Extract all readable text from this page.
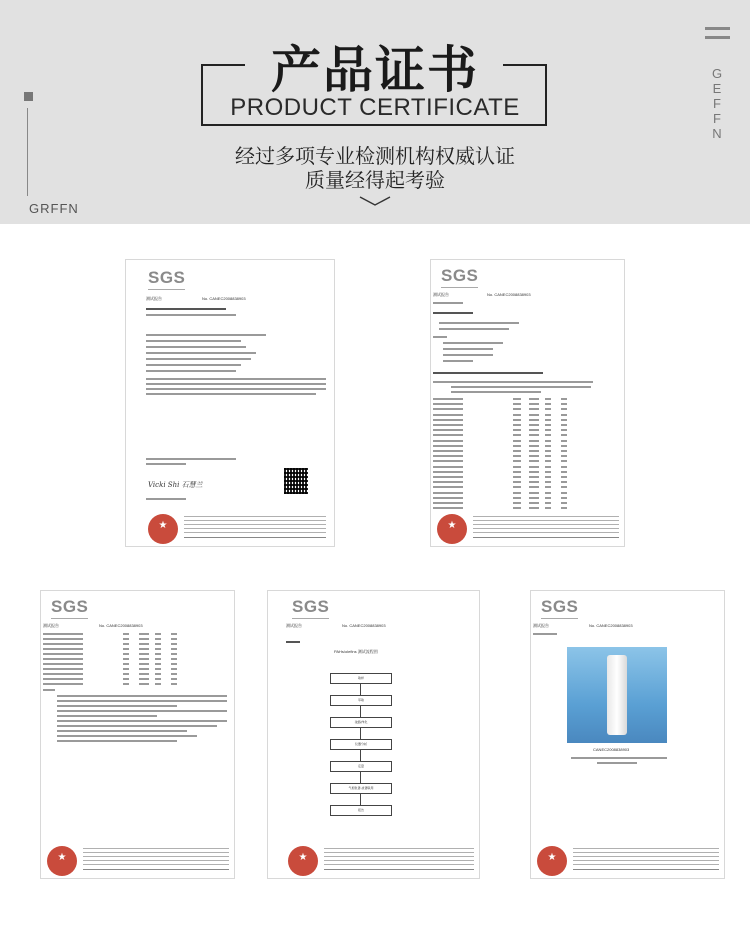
GRFFN
G
E
F
F
N
产品证书
PRODUCT CERTIFICATE
经过多项专业检测机构权威认证
质量经得起考验
SGS
测试报告	No. CANEC2008838903
Vicki Shi 石慧兰
★
SGS
测试报告	No. CANEC2008838903
★
SGS
测试报告	No. CANEC2008838903
★
SGS
测试报告	No. CANEC2008838903
PAHs/olefins 测试流程图
取样
萃取
浓缩/净化
仪器分析
定量
气相色谱-质谱联用
报告
★
SGS
测试报告	No. CANEC2008838903
CANEC2008838903
★
